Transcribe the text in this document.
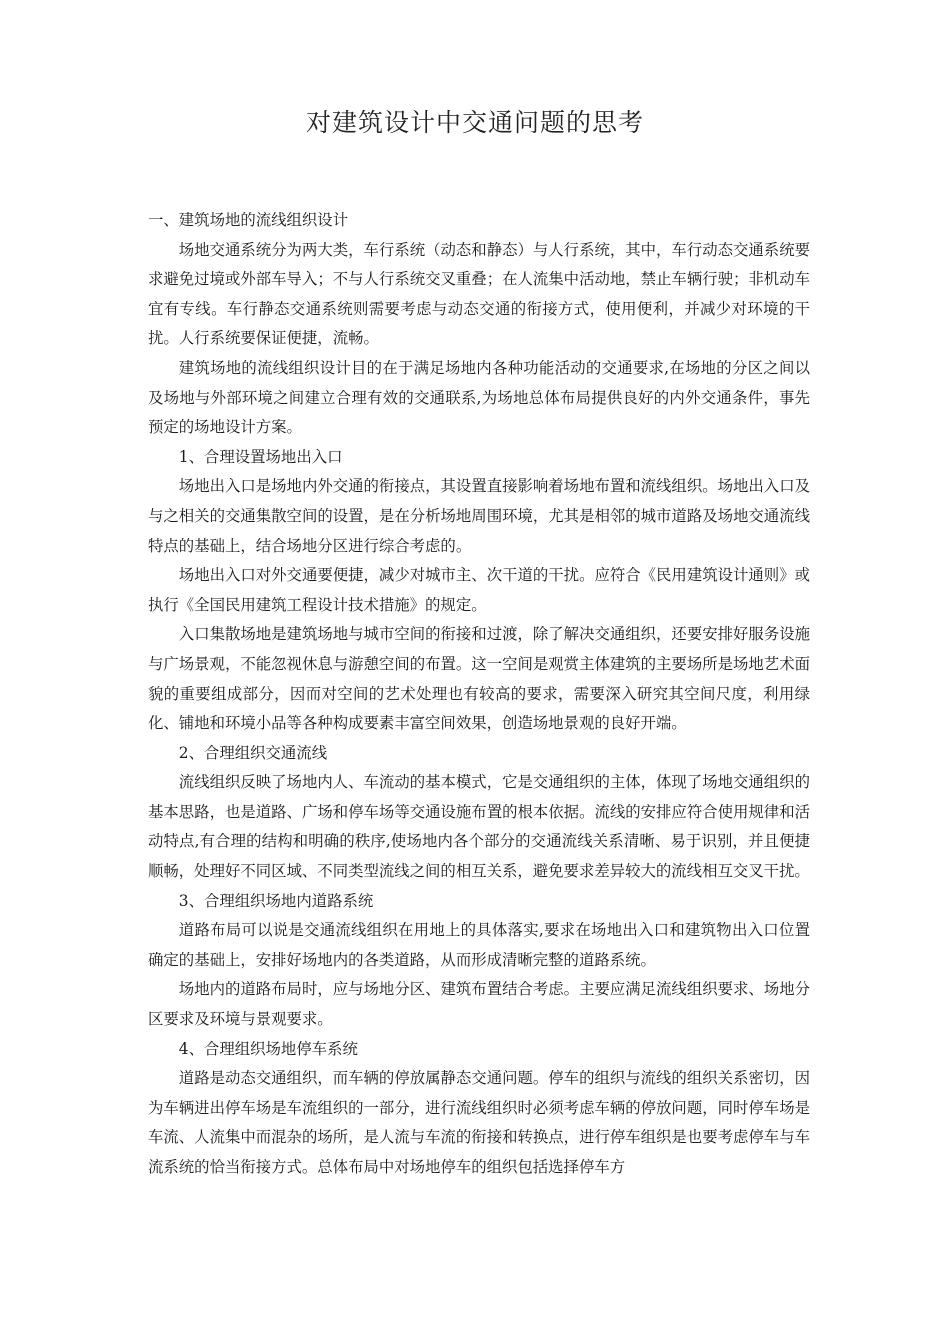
对建筑设计中交通问题的思考

一、建筑场地的流线组织设计

场地交通系统分为两大类，车行系统（动态和静态）与人行系统，其中，车行动态交通系统要求避免过境或外部车导入；不与人行系统交叉重叠；在人流集中活动地，禁止车辆行驶；非机动车宜有专线。车行静态交通系统则需要考虑与动态交通的衔接方式，使用便利，并减少对环境的干扰。人行系统要保证便捷，流畅。

建筑场地的流线组织设计目的在于满足场地内各种功能活动的交通要求,在场地的分区之间以及场地与外部环境之间建立合理有效的交通联系,为场地总体布局提供良好的内外交通条件，事先预定的场地设计方案。

1、合理设置场地出入口

场地出入口是场地内外交通的衔接点，其设置直接影响着场地布置和流线组织。场地出入口及与之相关的交通集散空间的设置，是在分析场地周围环境，尤其是相邻的城市道路及场地交通流线特点的基础上，结合场地分区进行综合考虑的。

场地出入口对外交通要便捷，减少对城市主、次干道的干扰。应符合《民用建筑设计通则》或执行《全国民用建筑工程设计技术措施》的规定。

入口集散场地是建筑场地与城市空间的衔接和过渡，除了解决交通组织，还要安排好服务设施与广场景观，不能忽视休息与游憩空间的布置。这一空间是观赏主体建筑的主要场所是场地艺术面貌的重要组成部分，因而对空间的艺术处理也有较高的要求，需要深入研究其空间尺度，利用绿化、铺地和环境小品等各种构成要素丰富空间效果，创造场地景观的良好开端。

2、合理组织交通流线

流线组织反映了场地内人、车流动的基本模式，它是交通组织的主体，体现了场地交通组织的基本思路，也是道路、广场和停车场等交通设施布置的根本依据。流线的安排应符合使用规律和活动特点,有合理的结构和明确的秩序,使场地内各个部分的交通流线关系清晰、易于识别，并且便捷顺畅，处理好不同区域、不同类型流线之间的相互关系，避免要求差异较大的流线相互交叉干扰。

3、合理组织场地内道路系统

道路布局可以说是交通流线组织在用地上的具体落实,要求在场地出入口和建筑物出入口位置确定的基础上，安排好场地内的各类道路，从而形成清晰完整的道路系统。

场地内的道路布局时，应与场地分区、建筑布置结合考虑。主要应满足流线组织要求、场地分区要求及环境与景观要求。

4、合理组织场地停车系统

道路是动态交通组织，而车辆的停放属静态交通问题。停车的组织与流线的组织关系密切，因为车辆进出停车场是车流组织的一部分，进行流线组织时必须考虑车辆的停放问题，同时停车场是车流、人流集中而混杂的场所，是人流与车流的衔接和转换点，进行停车组织是也要考虑停车与车流系统的恰当衔接方式。总体布局中对场地停车的组织包括选择停车方
